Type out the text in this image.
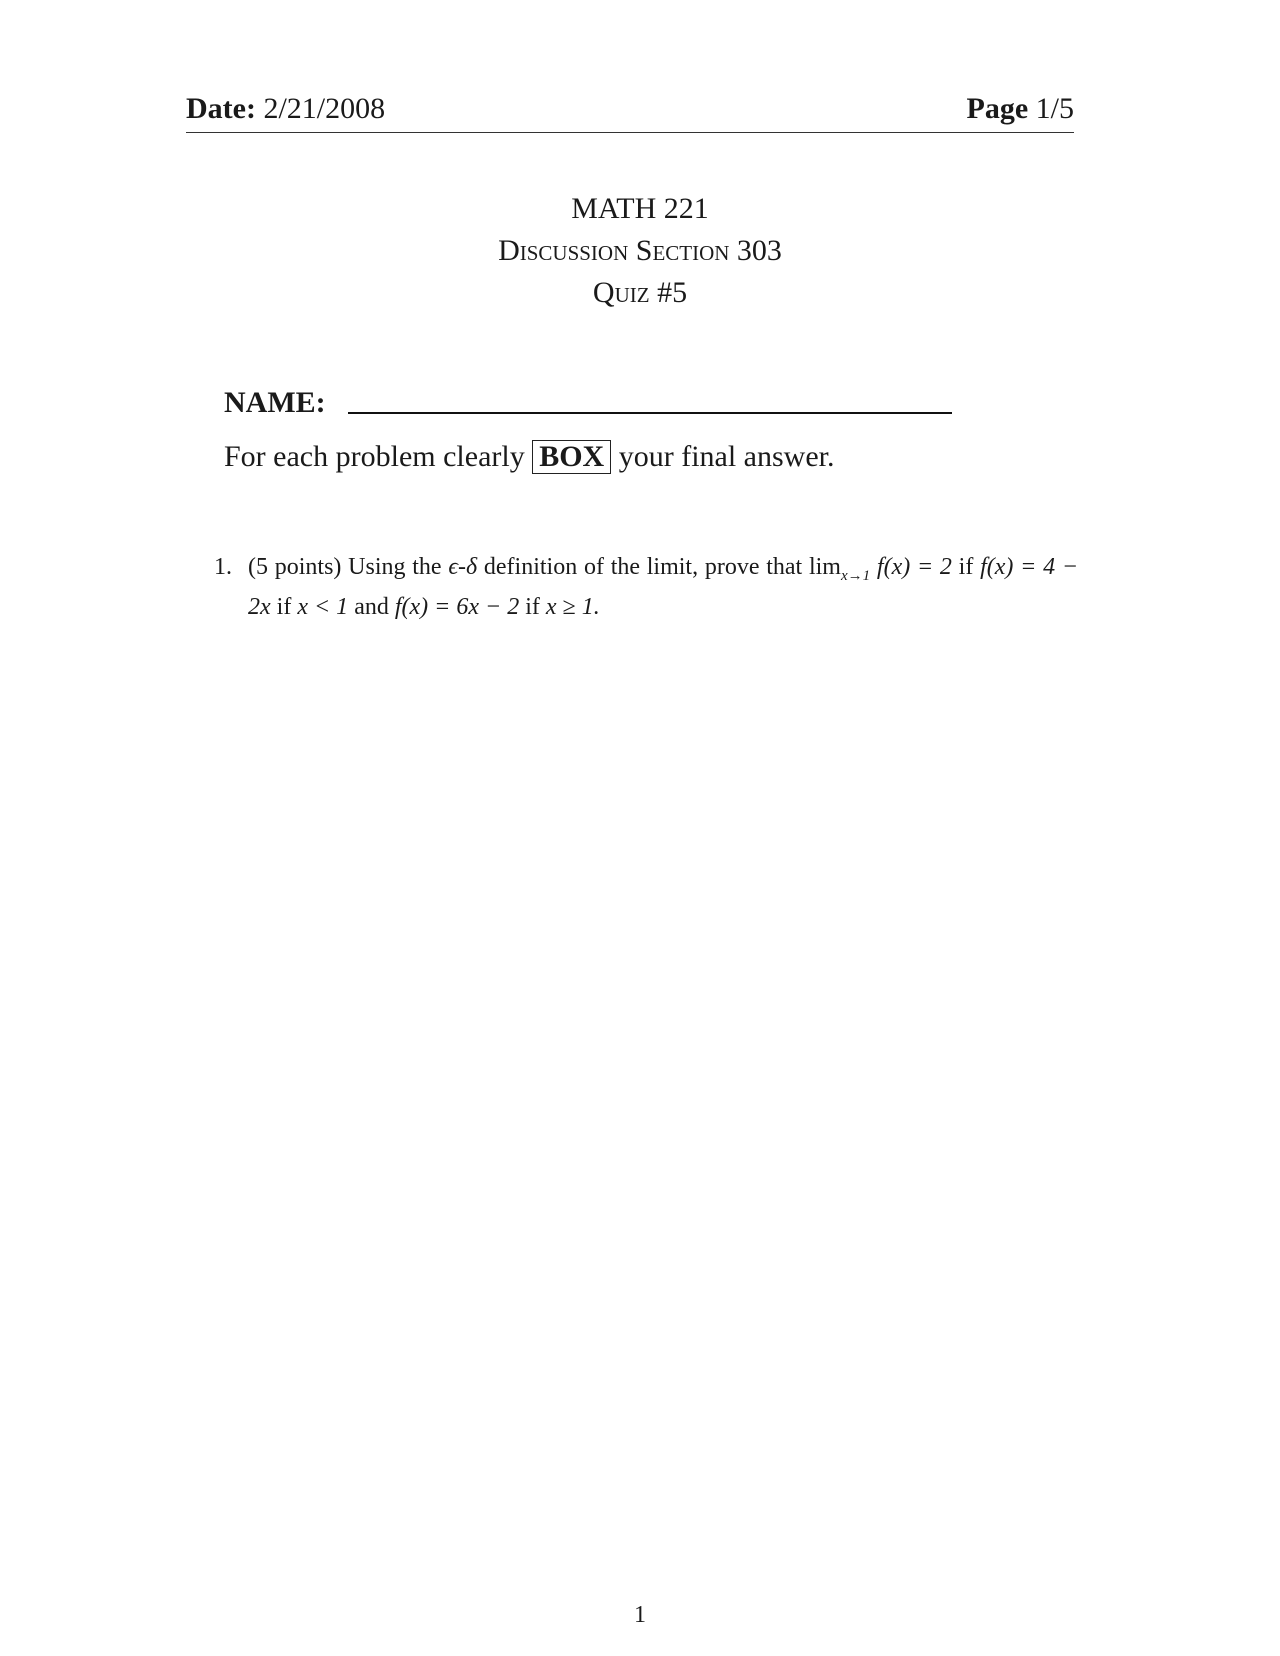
Date: 2/21/2008	Page 1/5
MATH 221
Discussion Section 303
Quiz #5
NAME:
For each problem clearly BOX your final answer.
1. (5 points) Using the ϵ-δ definition of the limit, prove that $\lim_{x\to 1} f(x) = 2$ if f(x) = 4 − 2x if x < 1 and f(x) = 6x − 2 if x ≥ 1.
1
